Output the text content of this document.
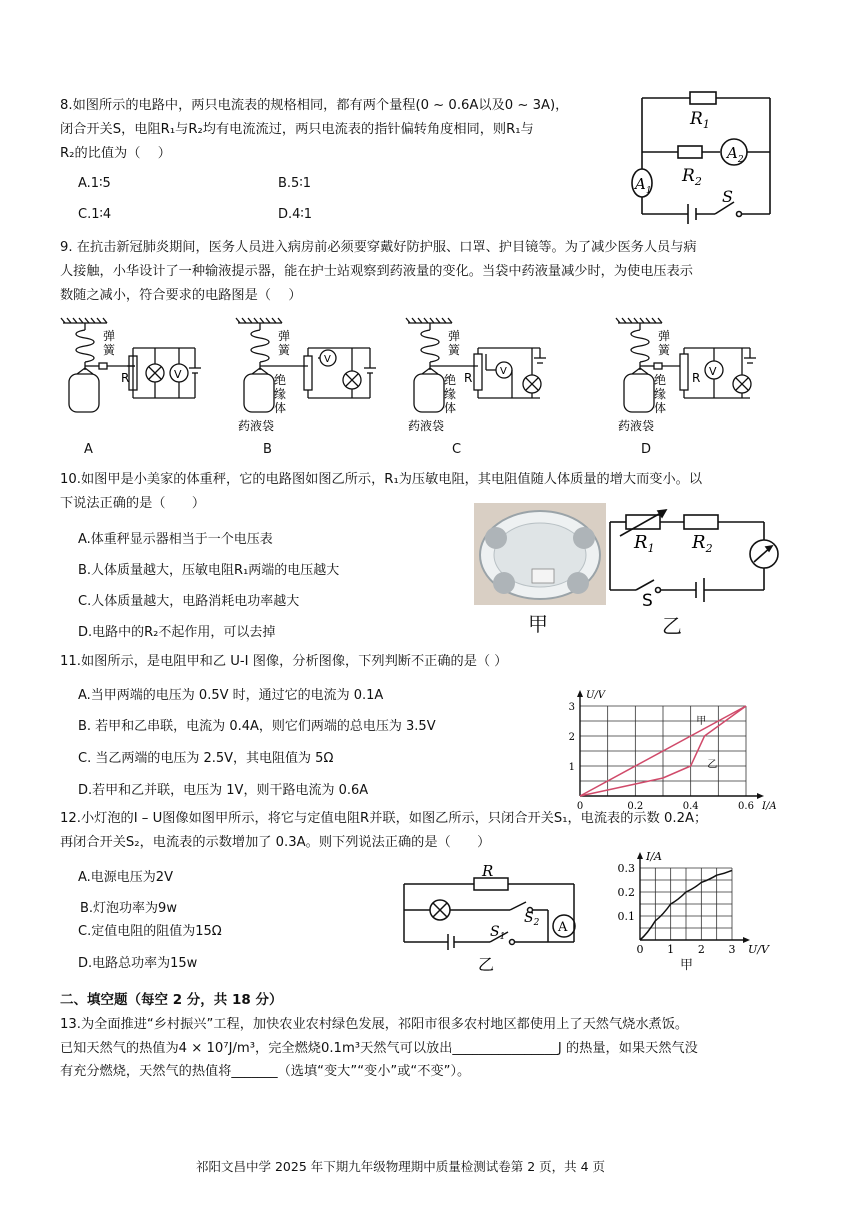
8.如图所示的电路中，两只电流表的规格相同，都有两个量程(0 ~ 0.6A以及0 ~ 3A)，
闭合开关S，电阻R₁与R₂均有电流流过，两只电流表的指针偏转角度相同，则R₁与
R₂的比值为（　 ）
A.1∶5	B.5∶1
C.1∶4	D.4∶1
$R_1$
$R_2$
$A_2$
$A_1$	S
9. 在抗击新冠肺炎期间，医务人员进入病房前必须要穿戴好防护服、口罩、护目镜等。为了减少医务人员与病
人接触，小华设计了一种输液提示器，能在护士站观察到药液量的变化。当袋中药液量减少时，为使电压表示
数随之减小，符合要求的电路图是（　 ）
R	V
弹簧
A
V
弹簧
绝缘体
药液袋
B
R	V
弹簧
绝缘体
药液袋
C
R V
弹簧
绝缘体
药液袋
D
10.如图甲是小美家的体重秤，它的电路图如图乙所示，R₁为压敏电阻，其电阻值随人体质量的增大而变小。以
下说法正确的是（　　）
A.体重秤显示器相当于一个电压表
B.人体质量越大，压敏电阻R₁两端的电压越大
C.人体质量越大，电路消耗电功率越大
D.电路中的R₂不起作用，可以去掉	甲
$R_1$ $R_2$
S
乙
11.如图所示，是电阻甲和乙 U-I 图像，分析图像，下列判断不正确的是（ ）
A.当甲两端的电压为 0.5V 时，通过它的电流为 0.1A
B. 若甲和乙串联，电流为 0.4A，则它们两端的总电压为 3.5V
C. 当乙两端的电压为 2.5V，其电阻值为 5Ω
D.若甲和乙并联，电压为 1V，则干路电流为 0.6A
0	0.2	0.4	0.6
1
2
3
I/A
U/V
甲
乙
12.小灯泡的I – U图像如图甲所示，将它与定值电阻R并联，如图乙所示，只闭合开关S₁，电流表的示数 0.2A；
再闭合开关S₂，电流表的示数增加了 0.3A。则下列说法正确的是（　　）
A.电源电压为2V
B.灯泡功率为9w
C.定值电阻的阻值为15Ω
D.电路总功率为15w
R
$S_2$
$S_1$
A
乙
0 1 2 3
0.1
0.2
0.3
U/V
I/A
甲
二、填空题（每空 2 分，共 18 分）
13.为全面推进“乡村振兴”工程，加快农业农村绿色发展，祁阳市很多农村地区都使用上了天然气烧水煮饭。
已知天然气的热值为4 × 10⁷J/m³，完全燃烧0.1m³天然气可以放出________________J 的热量，如果天然气没
有充分燃烧，天然气的热值将_______（选填“变大”“变小”或“不变”）。
祁阳文昌中学 2025 年下期九年级物理期中质量检测试卷第 2 页，共 4 页
